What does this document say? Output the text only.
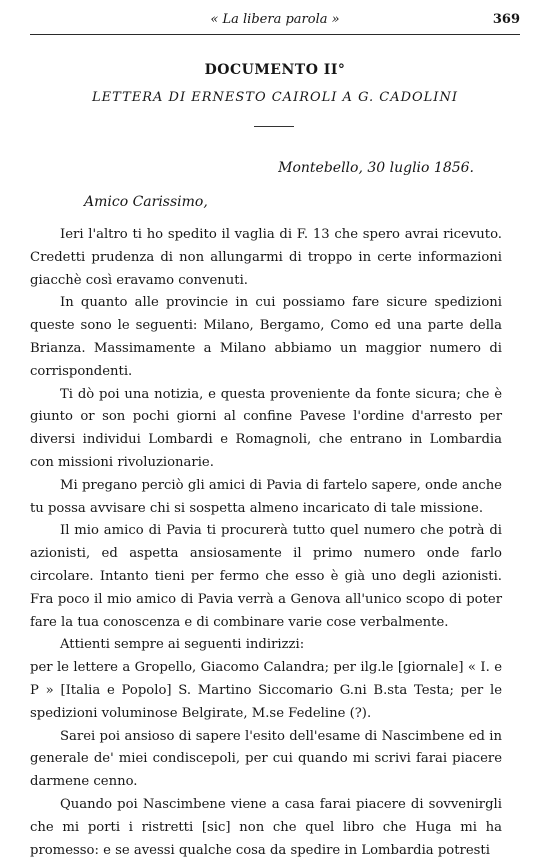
« La libera parola »	369
DOCUMENTO II°
LETTERA DI ERNESTO CAIROLI A G. CADOLINI
Montebello, 30 luglio 1856.
Amico Carissimo,

Ieri l'altro ti ho spedito il vaglia di F. 13 che spero avrai ricevuto. Credetti prudenza di non allungarmi di troppo in certe informazioni giacchè così eravamo convenuti.

In quanto alle provincie in cui possiamo fare sicure spedizioni queste sono le seguenti: Milano, Bergamo, Como ed una parte della Brianza. Massimamente a Milano abbiamo un maggior numero di corrispondenti.

Ti dò poi una notizia, e questa proveniente da fonte sicura; che è giunto or son pochi giorni al confine Pavese l'ordine d'arresto per diversi individui Lombardi e Romagnoli, che entrano in Lombardia con missioni rivoluzionarie.

Mi pregano perciò gli amici di Pavia di fartelo sapere, onde anche tu possa avvisare chi si sospetta almeno incaricato di tale missione.

Il mio amico di Pavia ti procurerà tutto quel numero che potrà di azionisti, ed aspetta ansiosamente il primo numero onde farlo circolare. Intanto tieni per fermo che esso è già uno degli azionisti. Fra poco il mio amico di Pavia verrà a Genova all'unico scopo di poter fare la tua conoscenza e di combinare varie cose verbalmente.

Attienti sempre ai seguenti indirizzi:

per le lettere a Gropello, Giacomo Calandra; per ilg.le [giornale] « I. e P » [Italia e Popolo] S. Martino Siccomario G.ni B.sta Testa; per le spedizioni voluminose Belgirate, M.se Fedeline (?).

Sarei poi ansioso di sapere l'esito dell'esame di Nascimbene ed in generale de' miei condiscepoli, per cui quando mi scrivi farai piacere darmene cenno.

Quando poi Nascimbene viene a casa farai piacere di sovvenirgli che mi porti i ristretti [sic] non che quel libro che Huga mi ha promesso: e se avessi qualche cosa da spedire in Lombardia potresti
